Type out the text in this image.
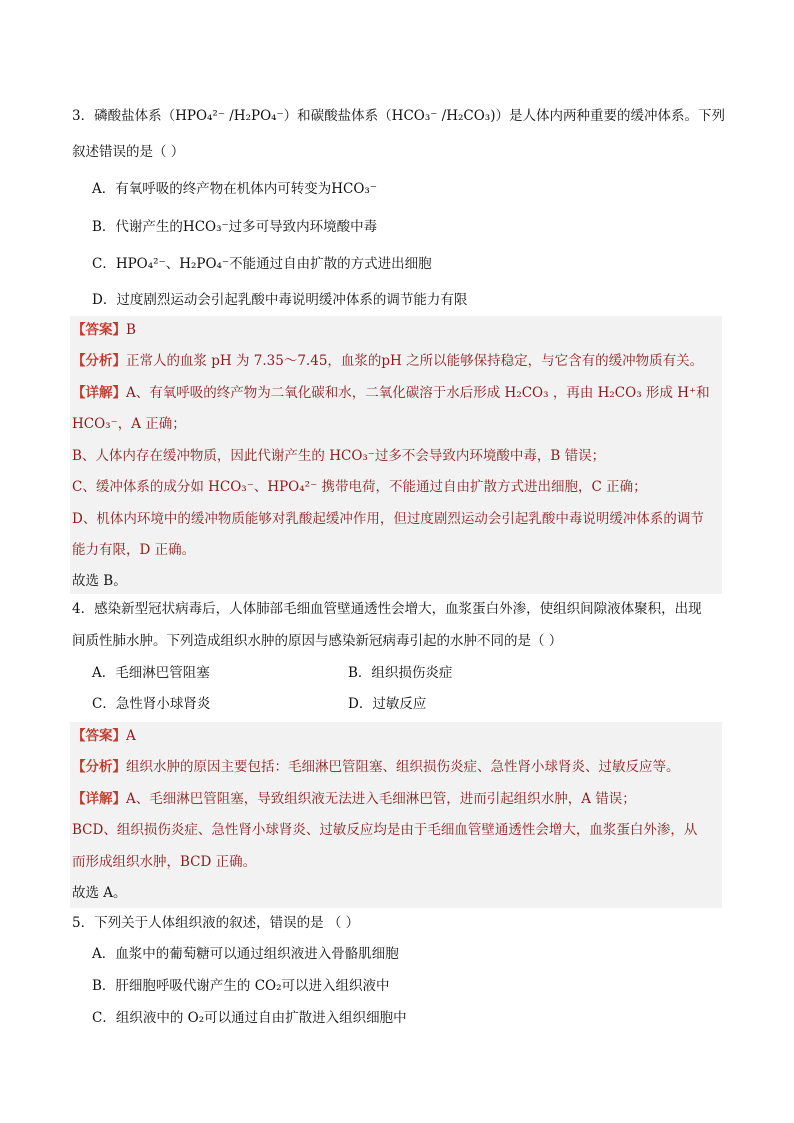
3．磷酸盐体系（HPO₄²⁻ /H₂PO₄⁻）和碳酸盐体系（HCO₃⁻ /H₂CO₃)）是人体内两种重要的缓冲体系。下列
叙述错误的是（ ）
A．有氧呼吸的终产物在机体内可转变为HCO₃⁻
B．代谢产生的HCO₃⁻过多可导致内环境酸中毒
C．HPO₄²⁻、H₂PO₄⁻不能通过自由扩散的方式进出细胞
D．过度剧烈运动会引起乳酸中毒说明缓冲体系的调节能力有限
【答案】B
【分析】正常人的血浆 pH 为 7.35～7.45，血浆的pH 之所以能够保持稳定，与它含有的缓冲物质有关。
【详解】A、有氧呼吸的终产物为二氧化碳和水，二氧化碳溶于水后形成 H₂CO₃ ，再由 H₂CO₃ 形成 H⁺和
HCO₃⁻，A 正确；
B、人体内存在缓冲物质，因此代谢产生的 HCO₃⁻过多不会导致内环境酸中毒，B 错误；
C、缓冲体系的成分如 HCO₃⁻、HPO₄²⁻ 携带电荷，不能通过自由扩散方式进出细胞，C 正确；
D、机体内环境中的缓冲物质能够对乳酸起缓冲作用，但过度剧烈运动会引起乳酸中毒说明缓冲体系的调节
能力有限，D 正确。
故选 B。
4．感染新型冠状病毒后，人体肺部毛细血管壁通透性会增大，血浆蛋白外渗，使组织间隙液体聚积，出现
间质性肺水肿。下列造成组织水肿的原因与感染新冠病毒引起的水肿不同的是（ ）
A．毛细淋巴管阻塞	B．组织损伤炎症
C．急性肾小球肾炎	D．过敏反应
【答案】A
【分析】组织水肿的原因主要包括：毛细淋巴管阻塞、组织损伤炎症、急性肾小球肾炎、过敏反应等。
【详解】A、毛细淋巴管阻塞，导致组织液无法进入毛细淋巴管，进而引起组织水肿，A 错误；
BCD、组织损伤炎症、急性肾小球肾炎、过敏反应均是由于毛细血管壁通透性会增大，血浆蛋白外渗，从
而形成组织水肿，BCD 正确。
故选 A。
5．下列关于人体组织液的叙述，错误的是 （ ）
A．血浆中的葡萄糖可以通过组织液进入骨骼肌细胞
B．肝细胞呼吸代谢产生的 CO₂可以进入组织液中
C．组织液中的 O₂可以通过自由扩散进入组织细胞中
